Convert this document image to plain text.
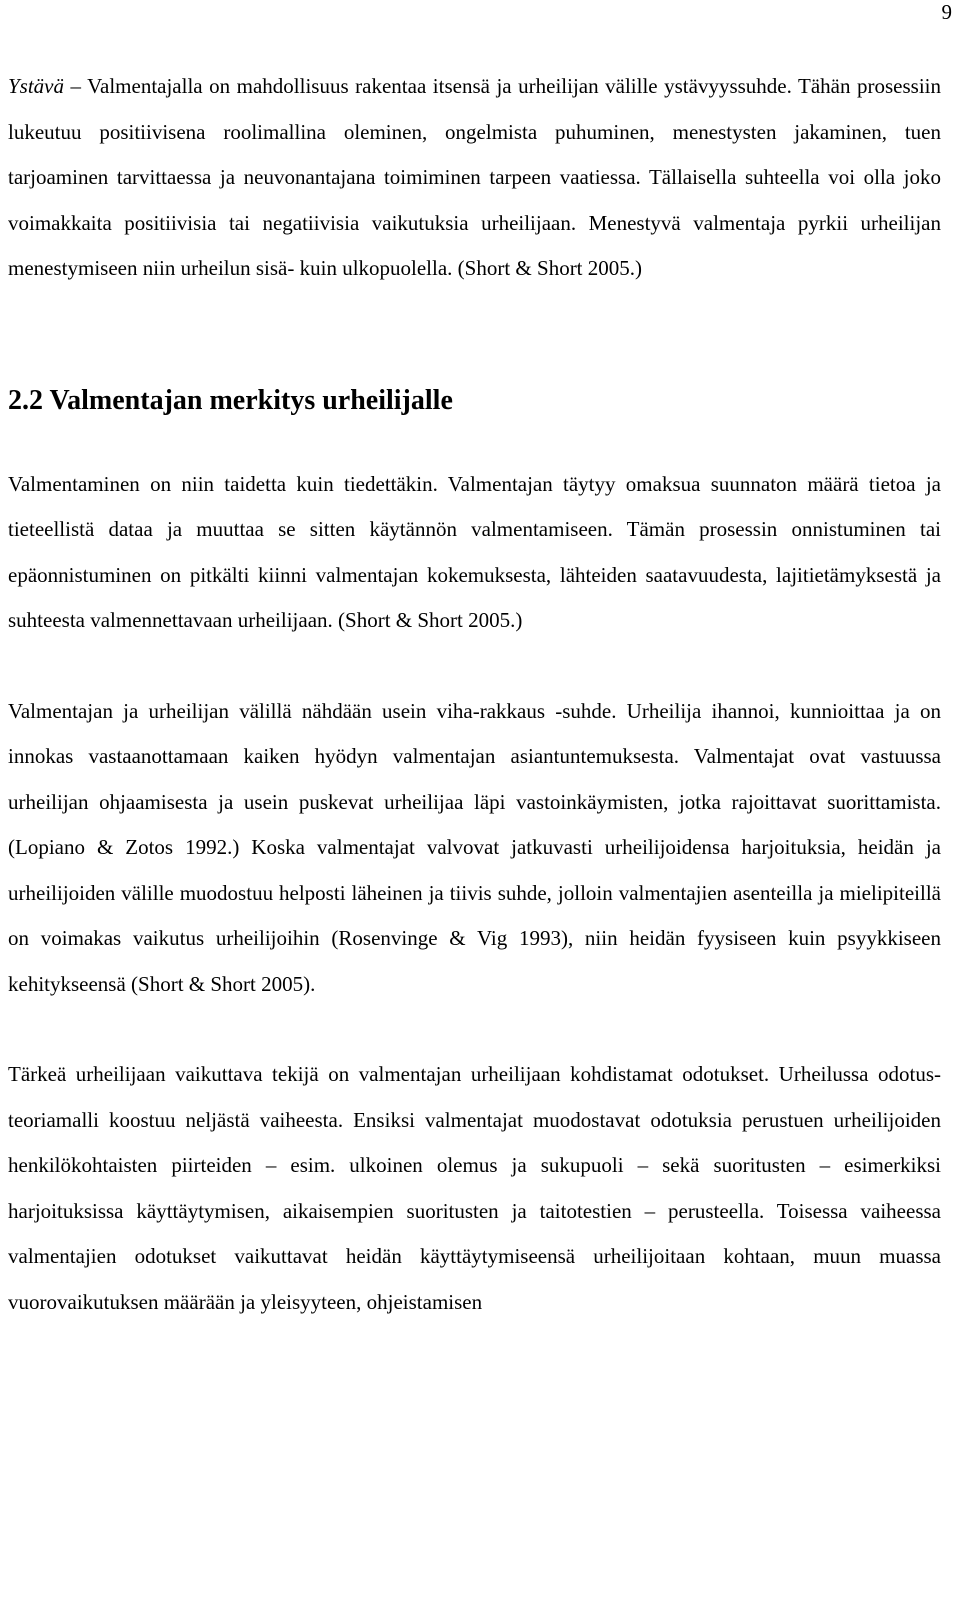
9

Ystävä – Valmentajalla on mahdollisuus rakentaa itsensä ja urheilijan välille ystävyyssuhde. Tähän prosessiin lukeutuu positiivisena roolimallina oleminen, ongelmista puhuminen, menestysten jakaminen, tuen tarjoaminen tarvittaessa ja neuvonantajana toimiminen tarpeen vaatiessa. Tällaisella suhteella voi olla joko voimakkaita positiivisia tai negatiivisia vaikutuksia urheilijaan. Menestyvä valmentaja pyrkii urheilijan menestymiseen niin urheilun sisä- kuin ulkopuolella. (Short & Short 2005.)

2.2 Valmentajan merkitys urheilijalle

Valmentaminen on niin taidetta kuin tiedettäkin. Valmentajan täytyy omaksua suunnaton määrä tietoa ja tieteellistä dataa ja muuttaa se sitten käytännön valmentamiseen. Tämän prosessin onnistuminen tai epäonnistuminen on pitkälti kiinni valmentajan kokemuksesta, lähteiden saatavuudesta, lajitietämyksestä ja suhteesta valmennettavaan urheilijaan. (Short & Short 2005.)

Valmentajan ja urheilijan välillä nähdään usein viha-rakkaus -suhde. Urheilija ihannoi, kunnioittaa ja on innokas vastaanottamaan kaiken hyödyn valmentajan asiantuntemuksesta. Valmentajat ovat vastuussa urheilijan ohjaamisesta ja usein puskevat urheilijaa läpi vastoinkäymisten, jotka rajoittavat suorittamista. (Lopiano & Zotos 1992.) Koska valmentajat valvovat jatkuvasti urheilijoidensa harjoituksia, heidän ja urheilijoiden välille muodostuu helposti läheinen ja tiivis suhde, jolloin valmentajien asenteilla ja mielipiteillä on voimakas vaikutus urheilijoihin (Rosenvinge & Vig 1993), niin heidän fyysiseen kuin psyykkiseen kehitykseensä (Short & Short 2005).

Tärkeä urheilijaan vaikuttava tekijä on valmentajan urheilijaan kohdistamat odotukset. Urheilussa odotus-teoriamalli koostuu neljästä vaiheesta. Ensiksi valmentajat muodostavat odotuksia perustuen urheilijoiden henkilökohtaisten piirteiden – esim. ulkoinen olemus ja sukupuoli – sekä suoritusten – esimerkiksi harjoituksissa käyttäytymisen, aikaisempien suoritusten ja taitotestien – perusteella. Toisessa vaiheessa valmentajien odotukset vaikuttavat heidän käyttäytymiseensä urheilijoitaan kohtaan, muun muassa vuorovaikutuksen määrään ja yleisyyteen, ohjeistamisen
